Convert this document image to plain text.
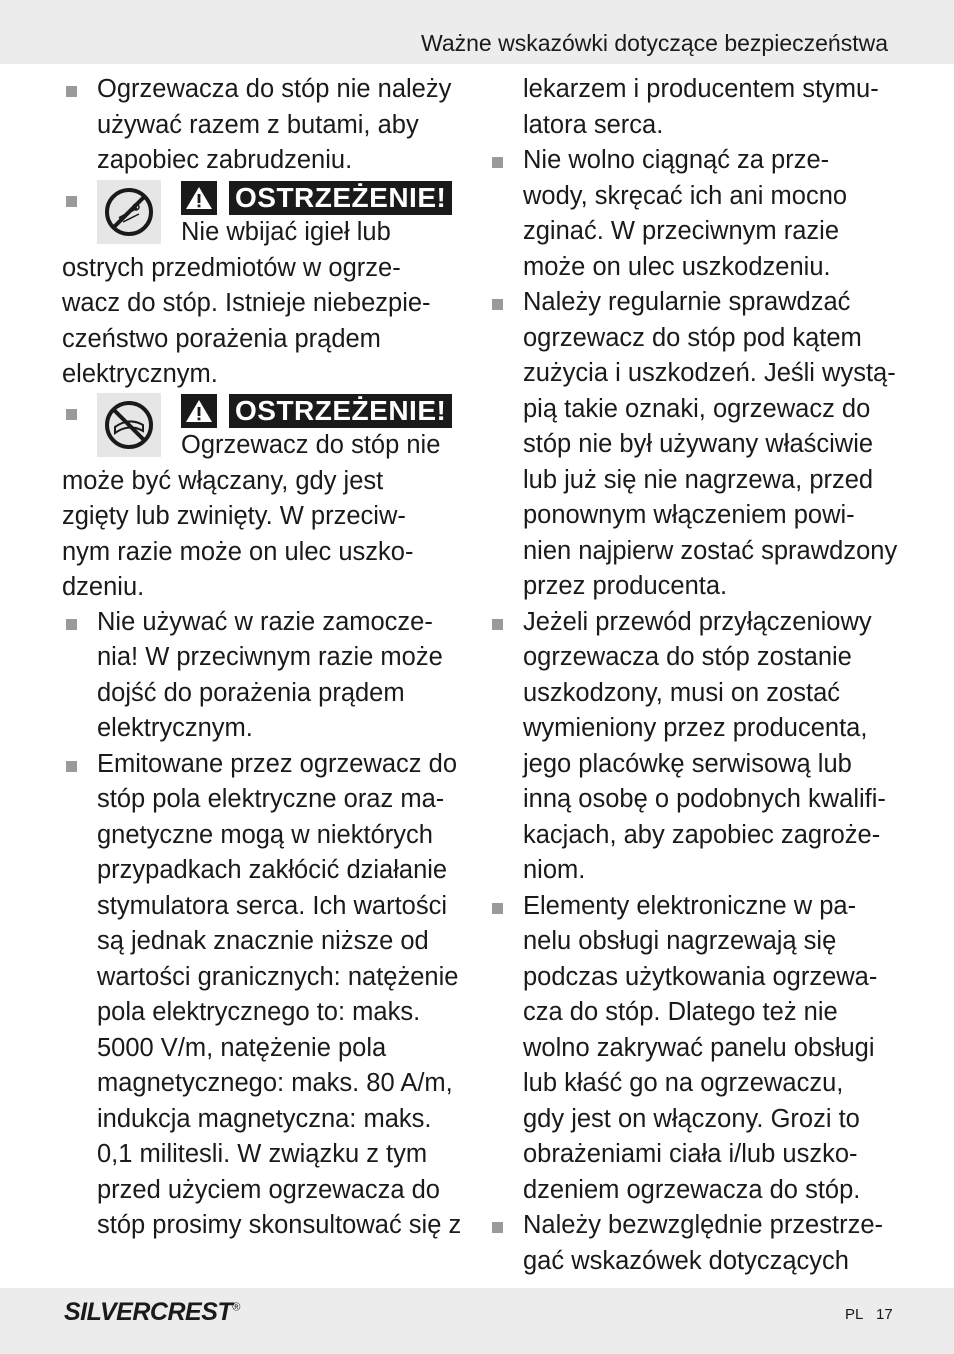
Ważne wskazówki dotyczące bezpieczeństwa

Ogrzewacza do stóp nie należy
używać razem z butami, aby
zapobiec zabrudzeniu.

OSTRZEŻENIE!
Nie wbijać igieł lub

ostrych przedmiotów w ogrze-
wacz do stóp. Istnieje niebezpie-
czeństwo porażenia prądem
elektrycznym.

OSTRZEŻENIE!
Ogrzewacz do stóp nie

może być włączany, gdy jest
zgięty lub zwinięty. W przeciw-
nym razie może on ulec uszko-
dzeniu.

Nie używać w razie zamocze-
nia! W przeciwnym razie może
dojść do porażenia prądem
elektrycznym.

Emitowane przez ogrzewacz do
stóp pola elektryczne oraz ma-
gnetyczne mogą w niektórych
przypadkach zakłócić działanie
stymulatora serca. Ich wartości
są jednak znacznie niższe od
wartości granicznych: natężenie
pola elektrycznego to: maks.
5000 V/m, natężenie pola
magnetycznego: maks. 80 A/m,
indukcja magnetyczna: maks.
0,1 militesli. W związku z tym
przed użyciem ogrzewacza do
stóp prosimy skonsultować się z

lekarzem i producentem stymu-
latora serca.

Nie wolno ciągnąć za prze-
wody, skręcać ich ani mocno
zginać. W przeciwnym razie
może on ulec uszkodzeniu.

Należy regularnie sprawdzać
ogrzewacz do stóp pod kątem
zużycia i uszkodzeń. Jeśli wystą-
pią takie oznaki, ogrzewacz do
stóp nie był używany właściwie
lub już się nie nagrzewa, przed
ponownym włączeniem powi-
nien najpierw zostać sprawdzony
przez producenta.

Jeżeli przewód przyłączeniowy
ogrzewacza do stóp zostanie
uszkodzony, musi on zostać
wymieniony przez producenta,
jego placówkę serwisową lub
inną osobę o podobnych kwalifi-
kacjach, aby zapobiec zagroże-
niom.

Elementy elektroniczne w pa-
nelu obsługi nagrzewają się
podczas użytkowania ogrzewa-
cza do stóp. Dlatego też nie
wolno zakrywać panelu obsługi
lub kłaść go na ogrzewaczu,
gdy jest on włączony. Grozi to
obrażeniami ciała i/lub uszko-
dzeniem ogrzewacza do stóp.

Należy bezwzględnie przestrze-
gać wskazówek dotyczących

SILVERCREST®	PL 17
